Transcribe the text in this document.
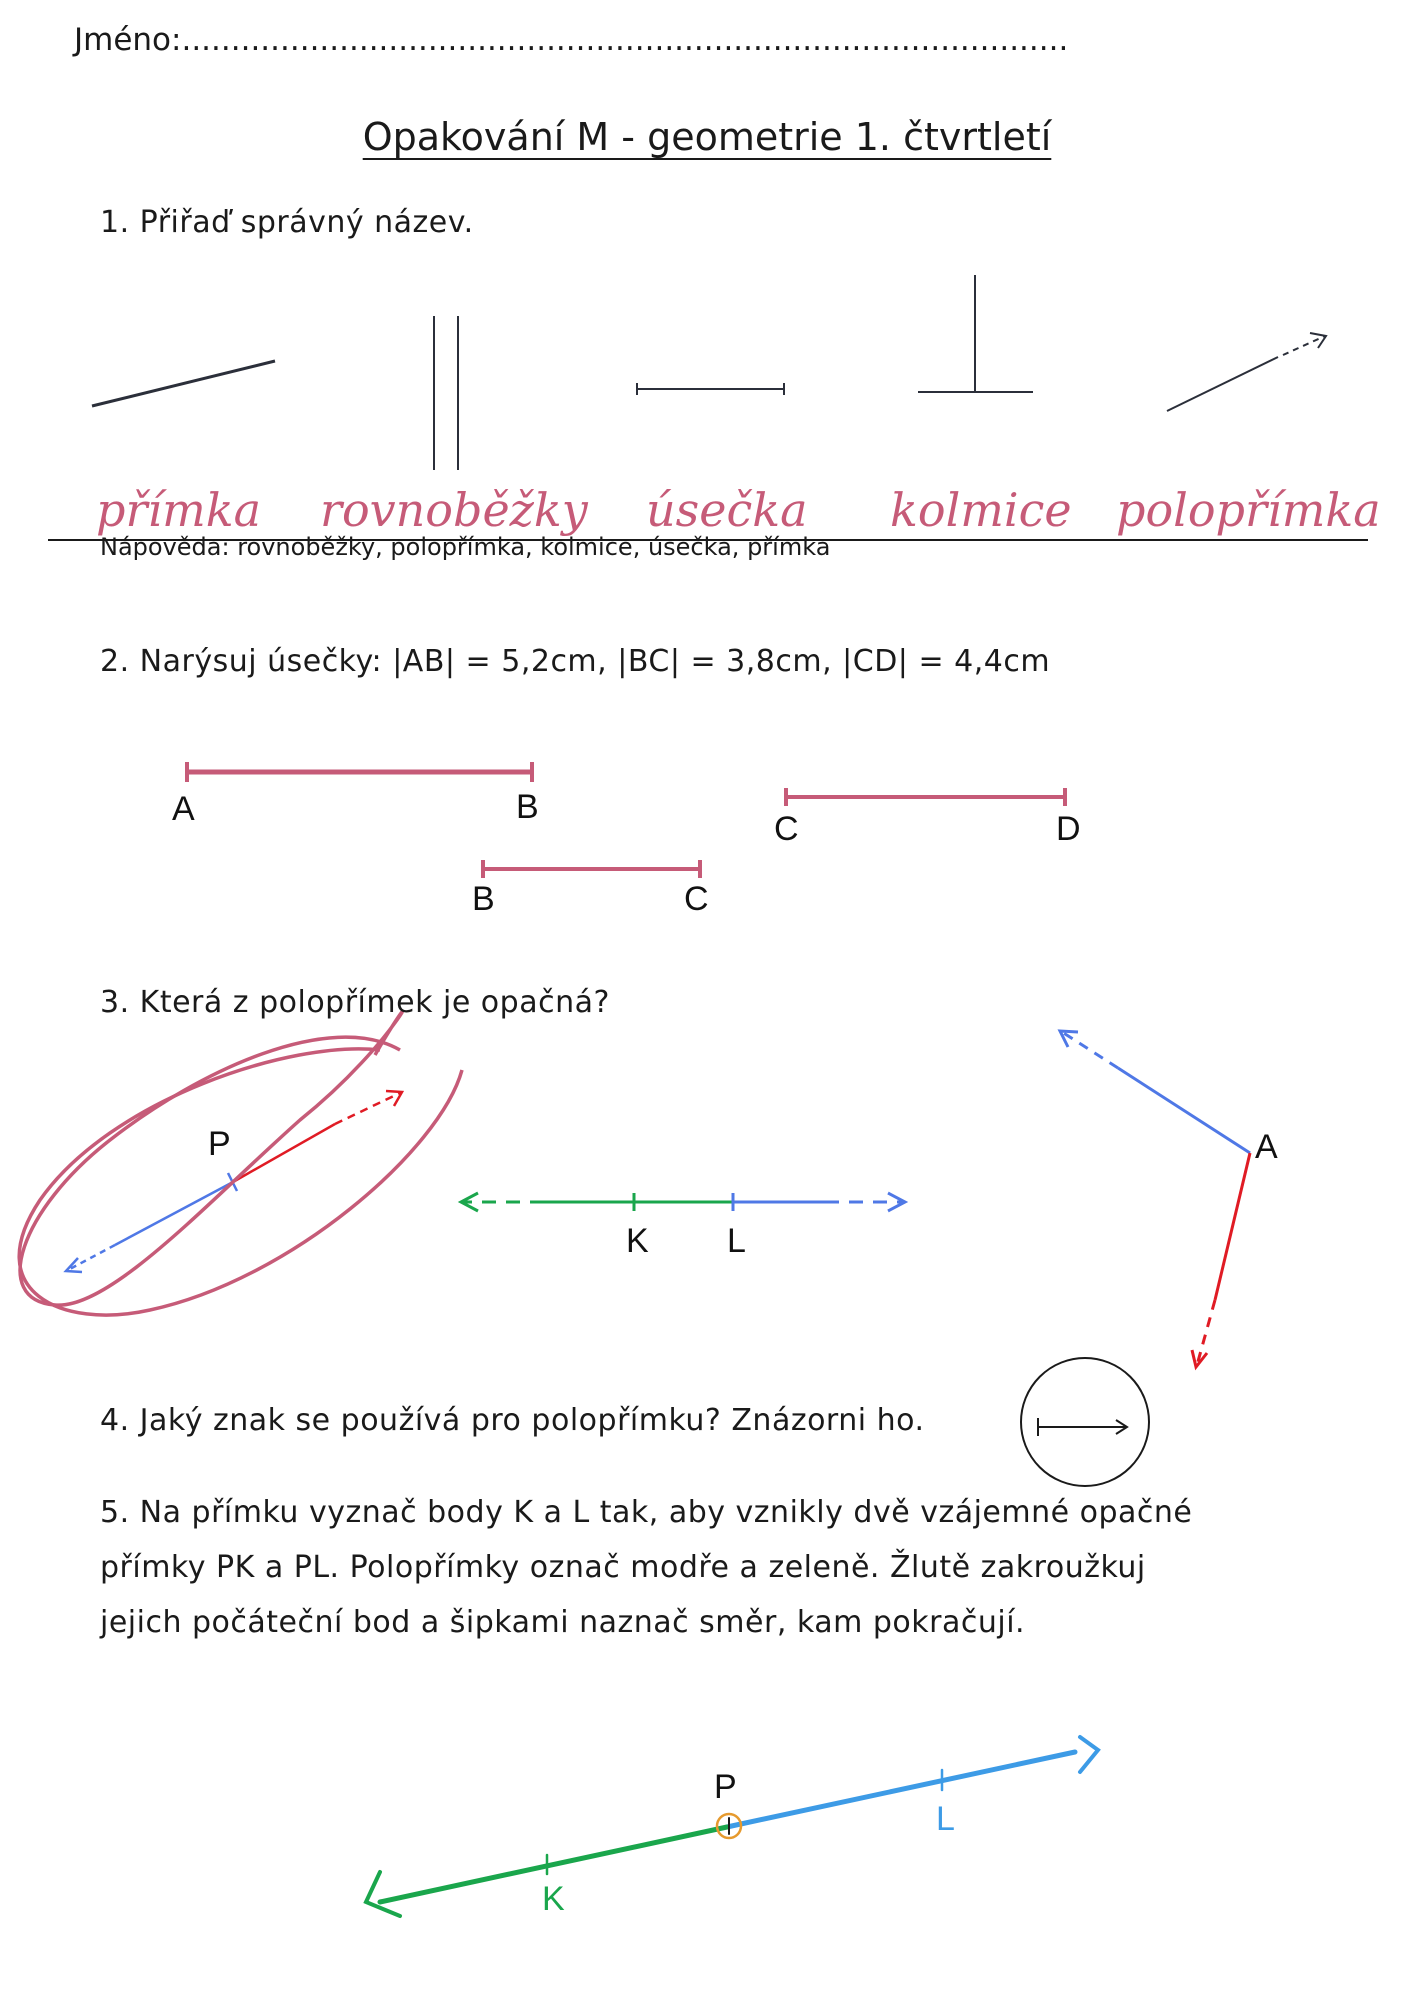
Jméno:..........................................................................................
Opakování M - geometrie 1. čtvrtletí
1. Přiřaď správný název.
přímka rovnoběžky úsečka kolmice polopřímka
Nápověda: rovnoběžky, polopřímka, kolmice, úsečka, přímka
2. Narýsuj úsečky: |AB| = 5,2cm, |BC| = 3,8cm, |CD| = 4,4cm
A	B
B	C
C	D
3. Která z polopřímek je opačná?
P
K L
A
4. Jaký znak se používá pro polopřímku? Znázorni ho.
5. Na přímku vyznač body K a L tak, aby vznikly dvě vzájemné opačné
přímky PK a PL. Polopřímky označ modře a zeleně. Žlutě zakroužkuj
jejich počáteční bod a šipkami naznač směr, kam pokračují.
P
K
L
